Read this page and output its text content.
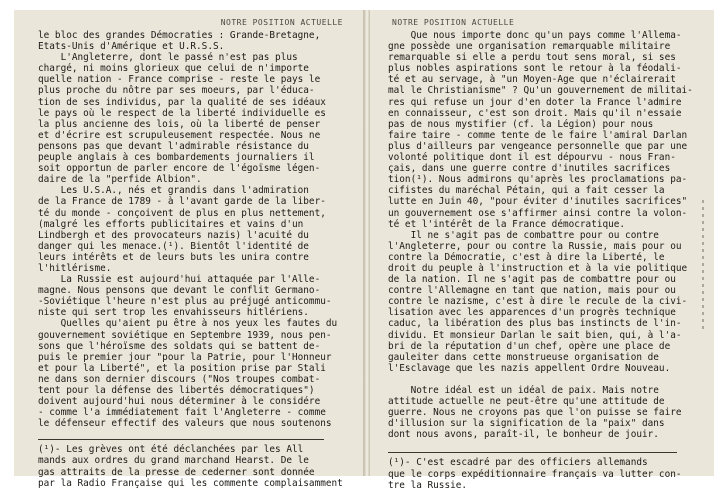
NOTRE POSITION ACTUELLE

le bloc des grandes Démocraties : Grande-Bretagne,
Etats-Unis d'Amérique et U.R.S.S.
L'Angleterre, dont le passé n'est pas plus
chargé, ni moins glorieux que celui de n'importe
quelle nation - France comprise - reste le pays le
plus proche du nôtre par ses moeurs, par l'éduca-
tion de ses individus, par la qualité de ses idéaux
le pays où le respect de la liberté individuelle es
la plus ancienne des lois, où la liberté de penser
et d'écrire est scrupuleusement respectée. Nous ne
pensons pas que devant l'admirable résistance du
peuple anglais à ces bombardements journaliers il
soit opportun de parler encore de l'égoïsme légen-
daire de la "perfide Albion".
Les U.S.A., nés et grandis dans l'admiration
de la France de 1789 - à l'avant garde de la liber-
té du monde - conçoivent de plus en plus nettement,
(malgré les efforts publicitaires et vains d'un
Lindbergh et des provocateurs nazis) l'acuité du
danger qui les menace.(¹). Bientôt l'identité de
leurs intérêts et de leurs buts les unira contre
l'hitlérisme.
La Russie est aujourd'hui attaquée par l'Alle-
magne. Nous pensons que devant le conflit Germano-
-Soviétique l'heure n'est plus au préjugé anticommu-
niste qui sert trop les envahisseurs hitlériens.
Quelles qu'aient pu être à nos yeux les fautes du
gouvernement soviétique en Septembre 1939, nous pen-
sons que l'héroïsme des soldats qui se battent de-
puis le premier jour "pour la Patrie, pour l'Honneur
et pour la Liberté", et la position prise par Stali
ne dans son dernier discours ("Nos troupes combat-
tent pour la défense des libertés démocratiques")
doivent aujourd'hui nous déterminer à le considére
- comme l'a immédiatement fait l'Angleterre - comme
le défenseur effectif des valeurs que nous soutenons

(¹)- Les grèves ont été déclanchées par les All
mands aux ordres du grand marchand Hearst. De le
gas attraits de la presse de cederner sont donnée
par la Radio Française qui les commente complaisamment

NOTRE POSITION ACTUELLE

Que nous importe donc qu'un pays comme l'Allema-
gne possède une organisation remarquable militaire
remarquable si elle a perdu tout sens moral, si ses
plus nobles aspirations sont le retour à la féodali-
té et au servage, à "un Moyen-Age que n'éclairerait
mal le Christianisme" ? Qu'un gouvernement de militai-
res qui refuse un jour d'en doter la France l'admire
en connaisseur, c'est son droit. Mais qu'il n'essaie
pas de nous mystifier (cf. la Légion) pour nous
faire taire - comme tente de le faire l'amiral Darlan
plus d'ailleurs par vengeance personnelle que par une
volonté politique dont il est dépourvu - nous Fran-
çais, dans une guerre contre d'inutiles sacrifices
tion(¹). Nous admirons qu'après les proclamations pa-
cifistes du maréchal Pétain, qui a fait cesser la
lutte en Juin 40, "pour éviter d'inutiles sacrifices"
un gouvernement ose s'affirmer ainsi contre la volon-
té et l'intérêt de la France démocratique.
Il ne s'agit pas de combattre pour ou contre
l'Angleterre, pour ou contre la Russie, mais pour ou
contre la Démocratie, c'est à dire la Liberté, le
droit du peuple à l'instruction et à la vie politique
de la nation. Il ne s'agit pas de combattre pour ou
contre l'Allemagne en tant que nation, mais pour ou
contre le nazisme, c'est à dire le recule de la civi-
lisation avec les apparences d'un progrès technique
caduc, la libération des plus bas instincts de l'in-
dividu. Et monsieur Darlan le sait bien, qui, à l'a-
bri de la réputation d'un chef, opère une place de
gauleiter dans cette monstrueuse organisation de
l'Esclavage que les nazis appellent Ordre Nouveau.

Notre idéal est un idéal de paix. Mais notre
attitude actuelle ne peut-être qu'une attitude de
guerre. Nous ne croyons pas que l'on puisse se faire
d'illusion sur la signification de la "paix" dans
dont nous avons, paraît-il, le bonheur de jouir.

(¹)- C'est escadré par des officiers allemands
que le corps expéditionnaire français va lutter con-
tre la Russie.
